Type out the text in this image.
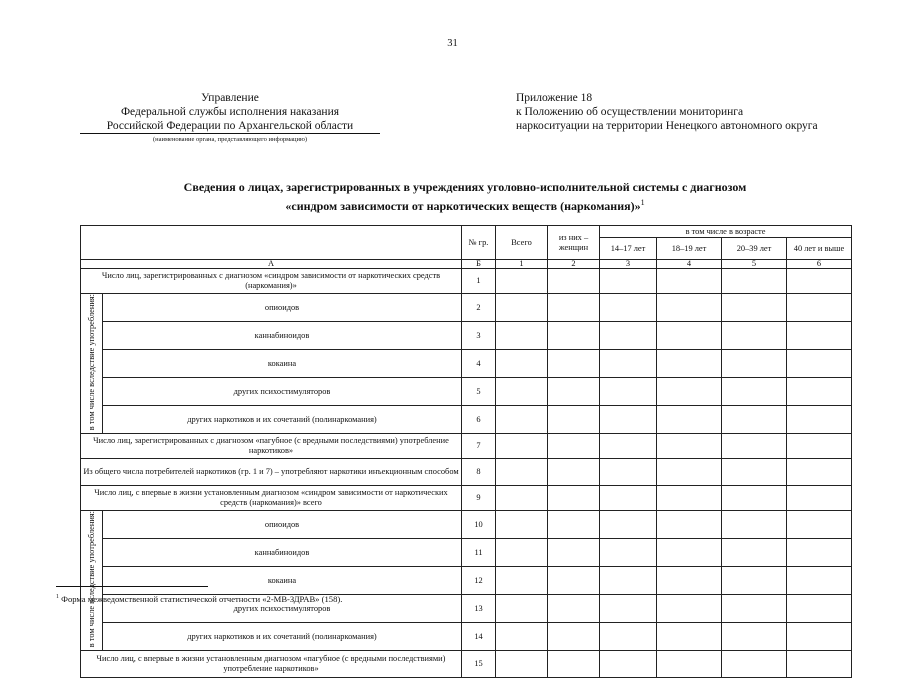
31
Управление
Федеральной службы исполнения наказания
Российской Федерации по Архангельской области
(наименование органа, представляющего информацию)
Приложение 18
к Положению об осуществлении мониторинга
наркоситуации на территории Ненецкого автономного округа
Сведения о лицах, зарегистрированных в учреждениях уголовно-исполнительной системы с диагнозом
«синдром зависимости от наркотических веществ (наркомания)»$^1$
		№ гр.	Всего	из них – женщин	в том числе в возрасте			
					14–17 лет	18–19 лет	20–39 лет	40 лет и выше
А		Б	1	2	3	4	5	6
Число лиц, зарегистрированных с диагнозом «синдром зависимости от наркотических средств (наркомания)»		1						
в том числе вследствие употребления:	опиоидов	2						
	каннабиноидов	3						
	кокаина	4						
	других психостимуляторов	5						
	других наркотиков и их сочетаний (полинаркомания)	6						
Число лиц, зарегистрированных с диагнозом «пагубное (с вредными последствиями) употребление наркотиков»		7						
Из общего числа потребителей наркотиков (гр. 1 и 7) – употребляют наркотики инъекционным способом		8						
Число лиц, с впервые в жизни установленным диагнозом «синдром зависимости от наркотических средств (наркомания)» всего		9						
в том числе вследствие употребления:	опиоидов	10						
	каннабиноидов	11						
	кокаина	12						
	других психостимуляторов	13						
	других наркотиков и их сочетаний (полинаркомания)	14						
Число лиц, с впервые в жизни установленным диагнозом «пагубное (с вредными последствиями) употребление наркотиков»		15						
$^1$ Форма межведомственной статистической отчетности «2-МВ-ЗДРАВ» (158).
